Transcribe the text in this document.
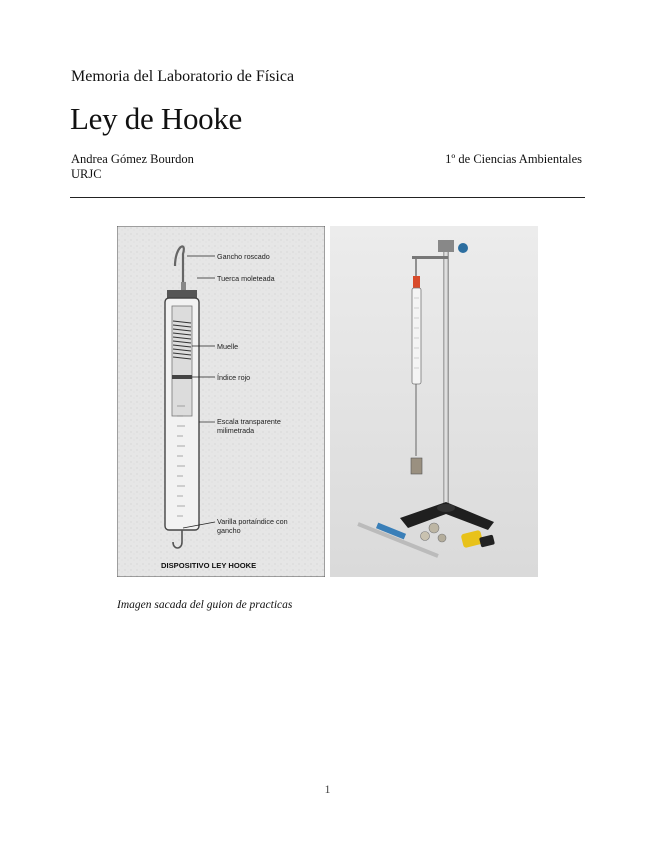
Memoria del Laboratorio de Física
Ley de Hooke
Andrea Gómez Bourdon	1º de Ciencias Ambientales
URJC
Gancho roscado
Tuerca moleteada
Muelle
Índice rojo
Escala transparente
milimetrada
Varilla portaíndice con
gancho
DISPOSITIVO LEY HOOKE
Imagen sacada del guion de practicas
1
